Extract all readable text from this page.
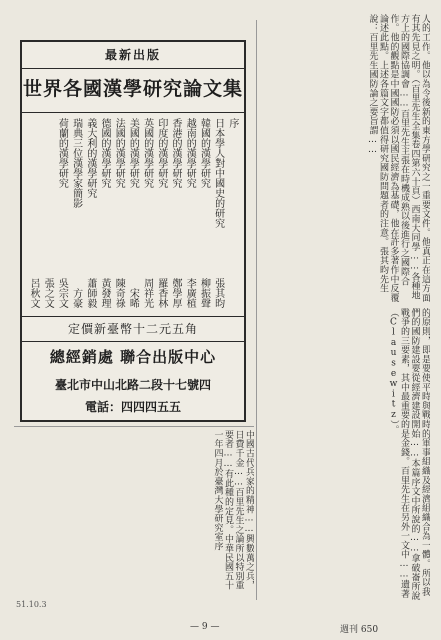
最新出版
世界各國漢學研究論文集
序
日本學人對中國史的研究
張其昀
韓國的漢學研究
柳振聲
越南的漢學研究
李廣植
香港的漢學研究
鄭學厚
印度的漢學研究
羅香林
英國的漢學研究
周祥光
美國的漢學研究
宋晞
法國的漢學研究
陳奇祿
德國的漢學研究
黃發理
義大利的漢學研究
蕭師毅
瑞典三位漢學家簡影
方豪
荷蘭的漢學研究
吳宗文
張之文
呂秋文
定價新臺幣十二元五角
總經銷處 聯合出版中心
臺北市中山北路二段十七號四
電話：四四四五五
人的工作。他以為令後新的東方學研究之一重要文件。他真正在這方面有其先見之明。（百里先生全集卷四第六十頁）西南大同學……各種地方上的國際協調會……百里先生主張在時機成熟以後進行之國際合作。他的觀點是中國國防必須以國民經濟為基礎，他在許多著作中反覆論述此點。上述各篇文字都值得研究國防問題者的注意。張其昀先生說：百里先生國防論之要旨謂……
的原則，即是要使平時與戰時的軍事組織及經濟組織合為一體。所以我們的國防建設要從經濟建設開始……本篇序文中所說的……拿破崙所說戰爭的三要素，其中最重要的是金錢。百里先生在另外一文中……遺著（Clausewitz）。
中國古代兵家的精神……興數萬之兵，日費千金……百里先生之論所以特別重要者……有此種的定見。中華民國五十一年四月於臺灣大學研究室序
51.10.3
— 9 —	週刊 650
